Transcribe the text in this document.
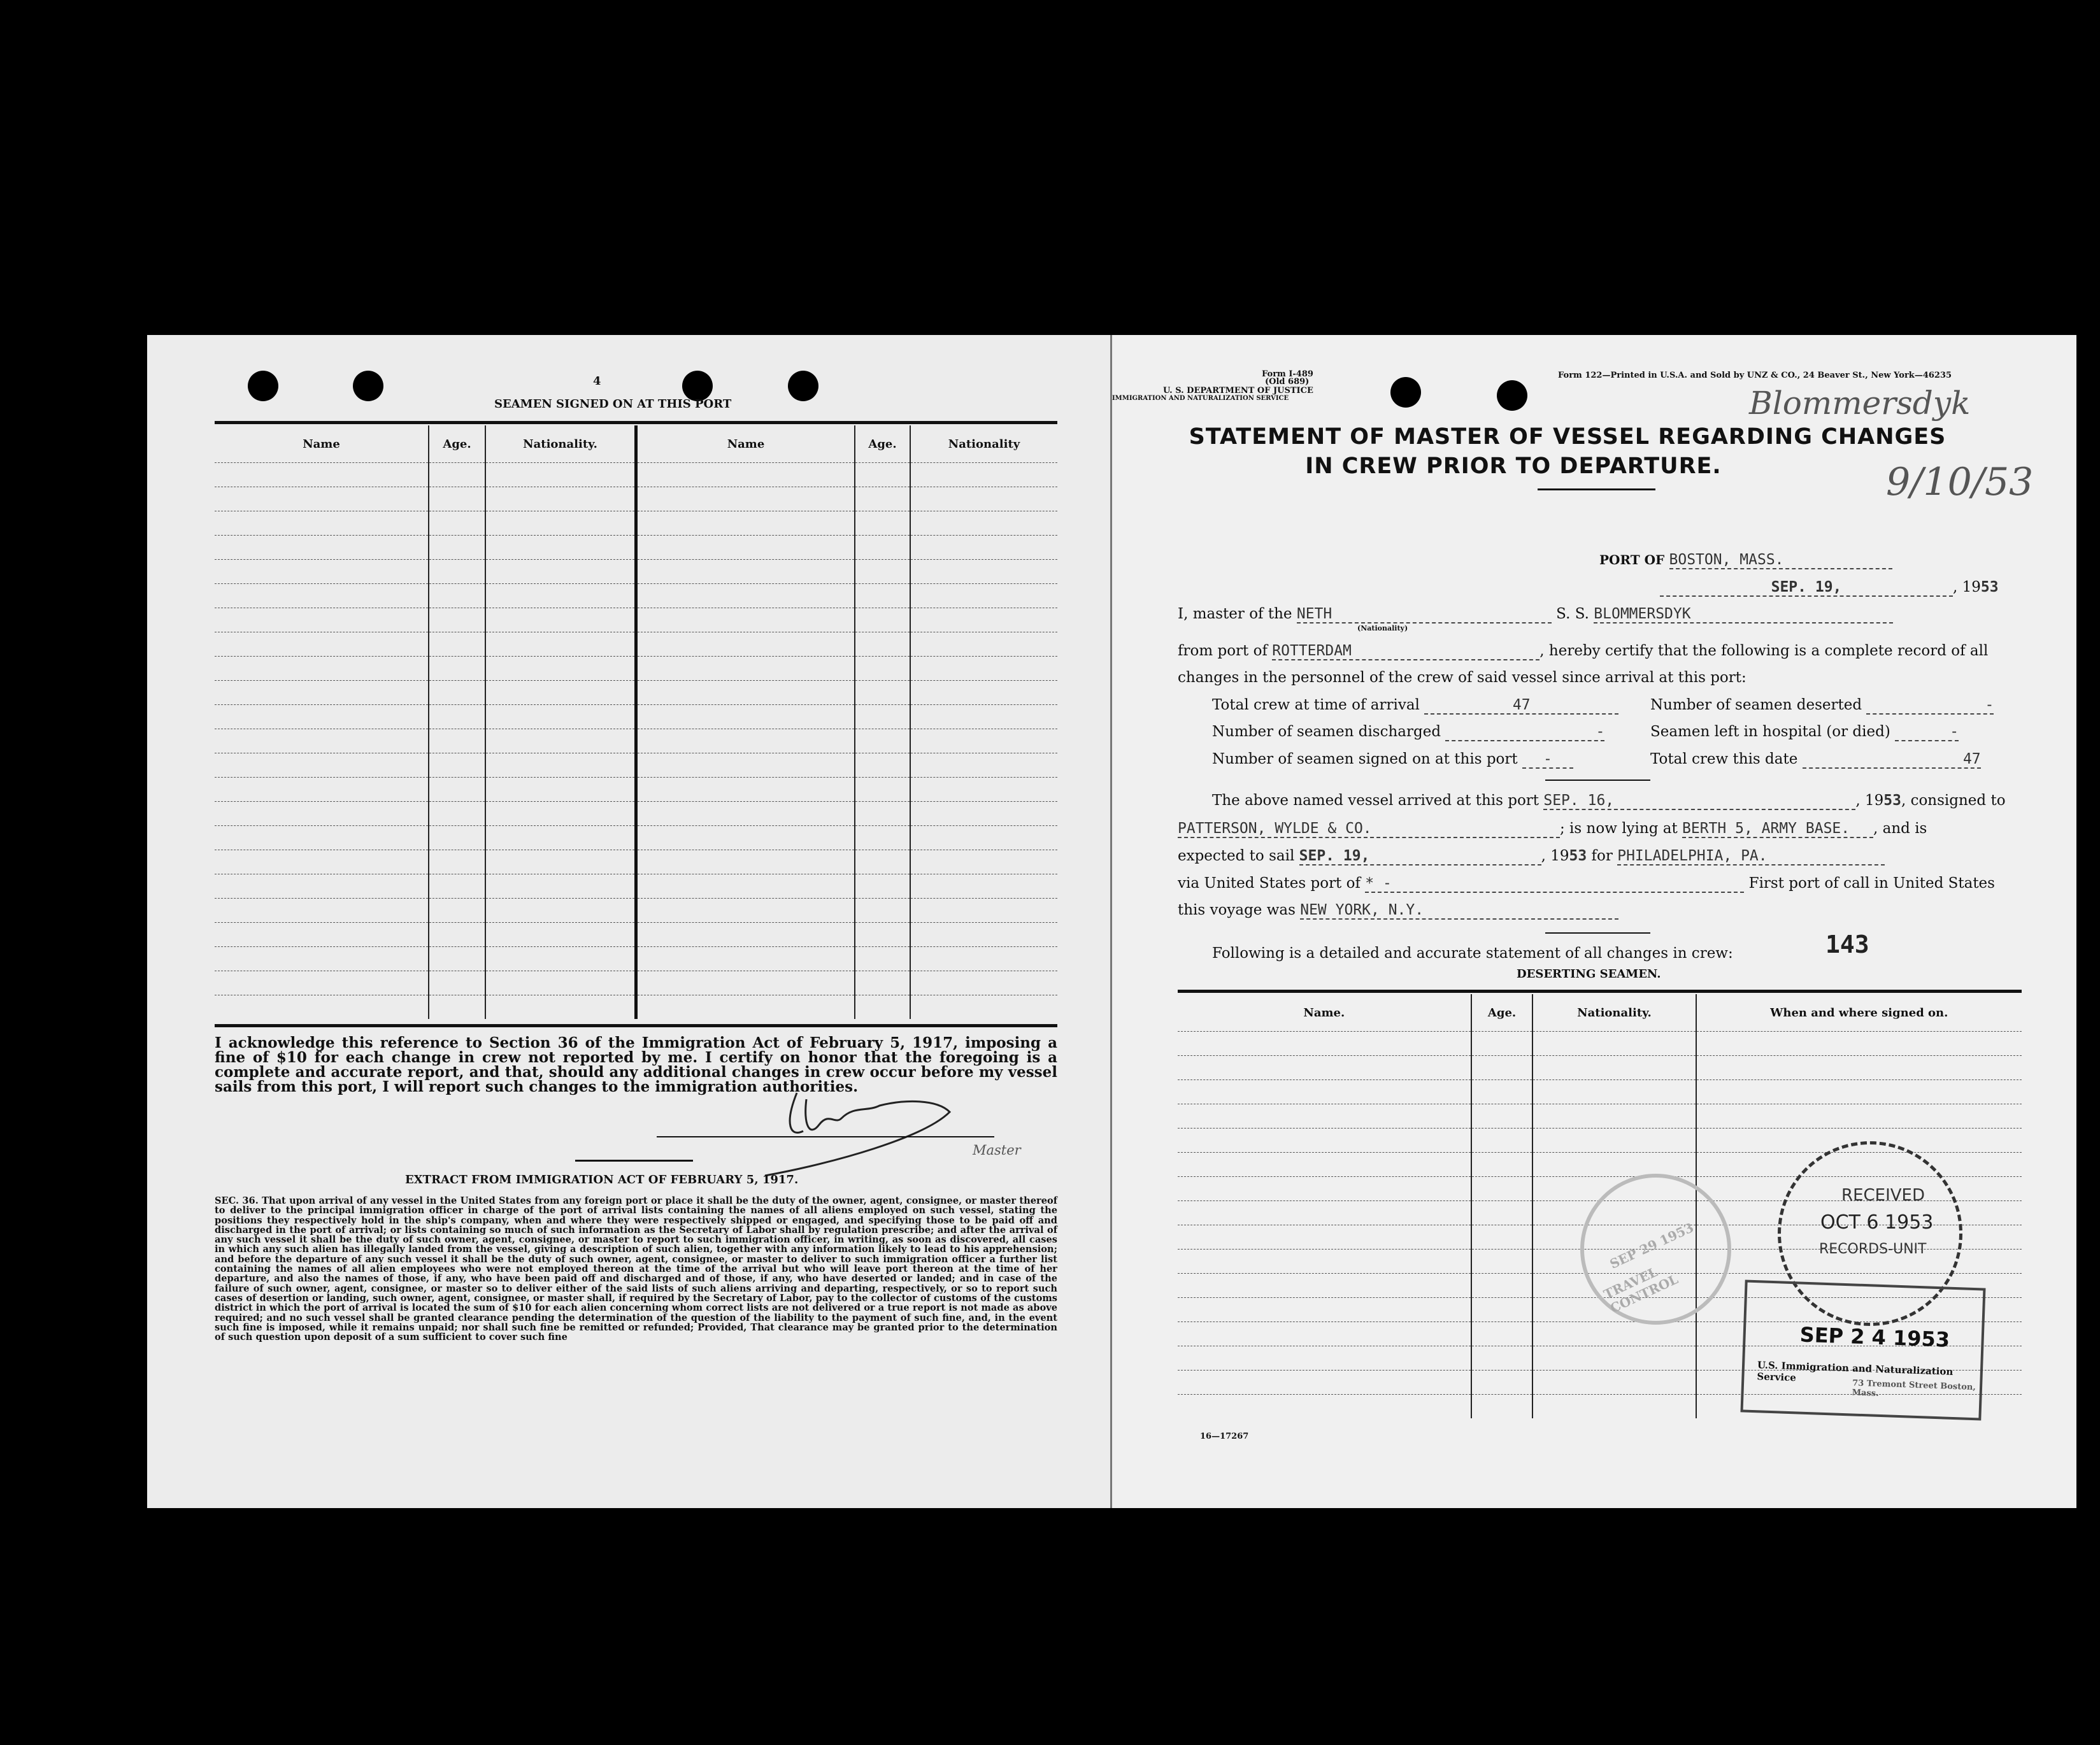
4
SEAMEN SIGNED ON AT THIS PORT
Name	Age.	Nationality.	Name	Age.	Nationality

I acknowledge this reference to Section 36 of the Immigration Act of February 5, 1917, imposing a fine of $10 for each change in crew not reported by me. I certify on honor that the foregoing is a complete and accurate report, and that, should any additional changes in crew occur before my vessel sails from this port, I will report such changes to the immigration authorities.
Master
EXTRACT FROM IMMIGRATION ACT OF FEBRUARY 5, 1917.
SEC. 36. That upon arrival of any vessel in the United States from any foreign port or place it shall be the duty of the owner, agent, consignee, or master thereof to deliver to the principal immigration officer in charge of the port of arrival lists containing the names of all aliens employed on such vessel, stating the positions they respectively hold in the ship's company, when and where they were respectively shipped or engaged, and specifying those to be paid off and discharged in the port of arrival; or lists containing so much of such information as the Secretary of Labor shall by regulation prescribe; and after the arrival of any such vessel it shall be the duty of such owner, agent, consignee, or master to report to such immigration officer, in writing, as soon as discovered, all cases in which any such alien has illegally landed from the vessel, giving a description of such alien, together with any information likely to lead to his apprehension; and before the departure of any such vessel it shall be the duty of such owner, agent, consignee, or master to deliver to such immigration officer a further list containing the names of all alien employees who were not employed thereon at the time of the arrival but who will leave port thereon at the time of her departure, and also the names of those, if any, who have been paid off and discharged and of those, if any, who have deserted or landed; and in case of the failure of such owner, agent, consignee, or master so to deliver either of the said lists of such aliens arriving and departing, respectively, or so to report such cases of desertion or landing, such owner, agent, consignee, or master shall, if required by the Secretary of Labor, pay to the collector of customs of the customs district in which the port of arrival is located the sum of $10 for each alien concerning whom correct lists are not delivered or a true report is not made as above required; and no such vessel shall be granted clearance pending the determination of the question of the liability to the payment of such fine, and, in the event such fine is imposed, while it remains unpaid; nor shall such fine be remitted or refunded; Provided, That clearance may be granted prior to the determination of such question upon deposit of a sum sufficient to cover such fine
Form I-489
(Old 689)
U. S. DEPARTMENT OF JUSTICE
IMMIGRATION AND NATURALIZATION SERVICE
Form 122—Printed in U.S.A. and Sold by UNZ & CO., 24 Beaver St., New York—46235
Blommersdyk
9/10/53
STATEMENT OF MASTER OF VESSEL REGARDING CHANGES
IN CREW PRIOR TO DEPARTURE.
PORT OF BOSTON, MASS.
SEP. 19,	, 1953
I, master of the NETH	S. S. BLOMMERSDYK
(Nationality)
from port of ROTTERDAM	, hereby certify that the following is a complete record of all
changes in the personnel of the crew of said vessel since arrival at this port:
Total crew at time of arrival	47	Number of seamen deserted	-
Number of seamen discharged	-	Seamen left in hospital (or died)	-
Number of seamen signed on at this port -	Total crew this date	47
The above named vessel arrived at this port SEP. 16,	, 1953, consigned to
PATTERSON, WYLDE & CO.	; is now lying at BERTH 5, ARMY BASE. , and is
expected to sail SEP. 19,	, 1953 for PHILADELPHIA, PA.
via United States port of * -	First port of call in United States
this voyage was NEW YORK, N.Y.
Following is a detailed and accurate statement of all changes in crew:	143
DESERTING SEAMEN.
Name.	Age.	Nationality.	When and where signed on.

16—17267
SEP 29 1953
TRAVEL CONTROL
RECEIVED
OCT 6 1953
RECORDS-UNIT
SEP 2 4 1953
U.S. Immigration and Naturalization Service
73 Tremont Street Boston, Mass.
